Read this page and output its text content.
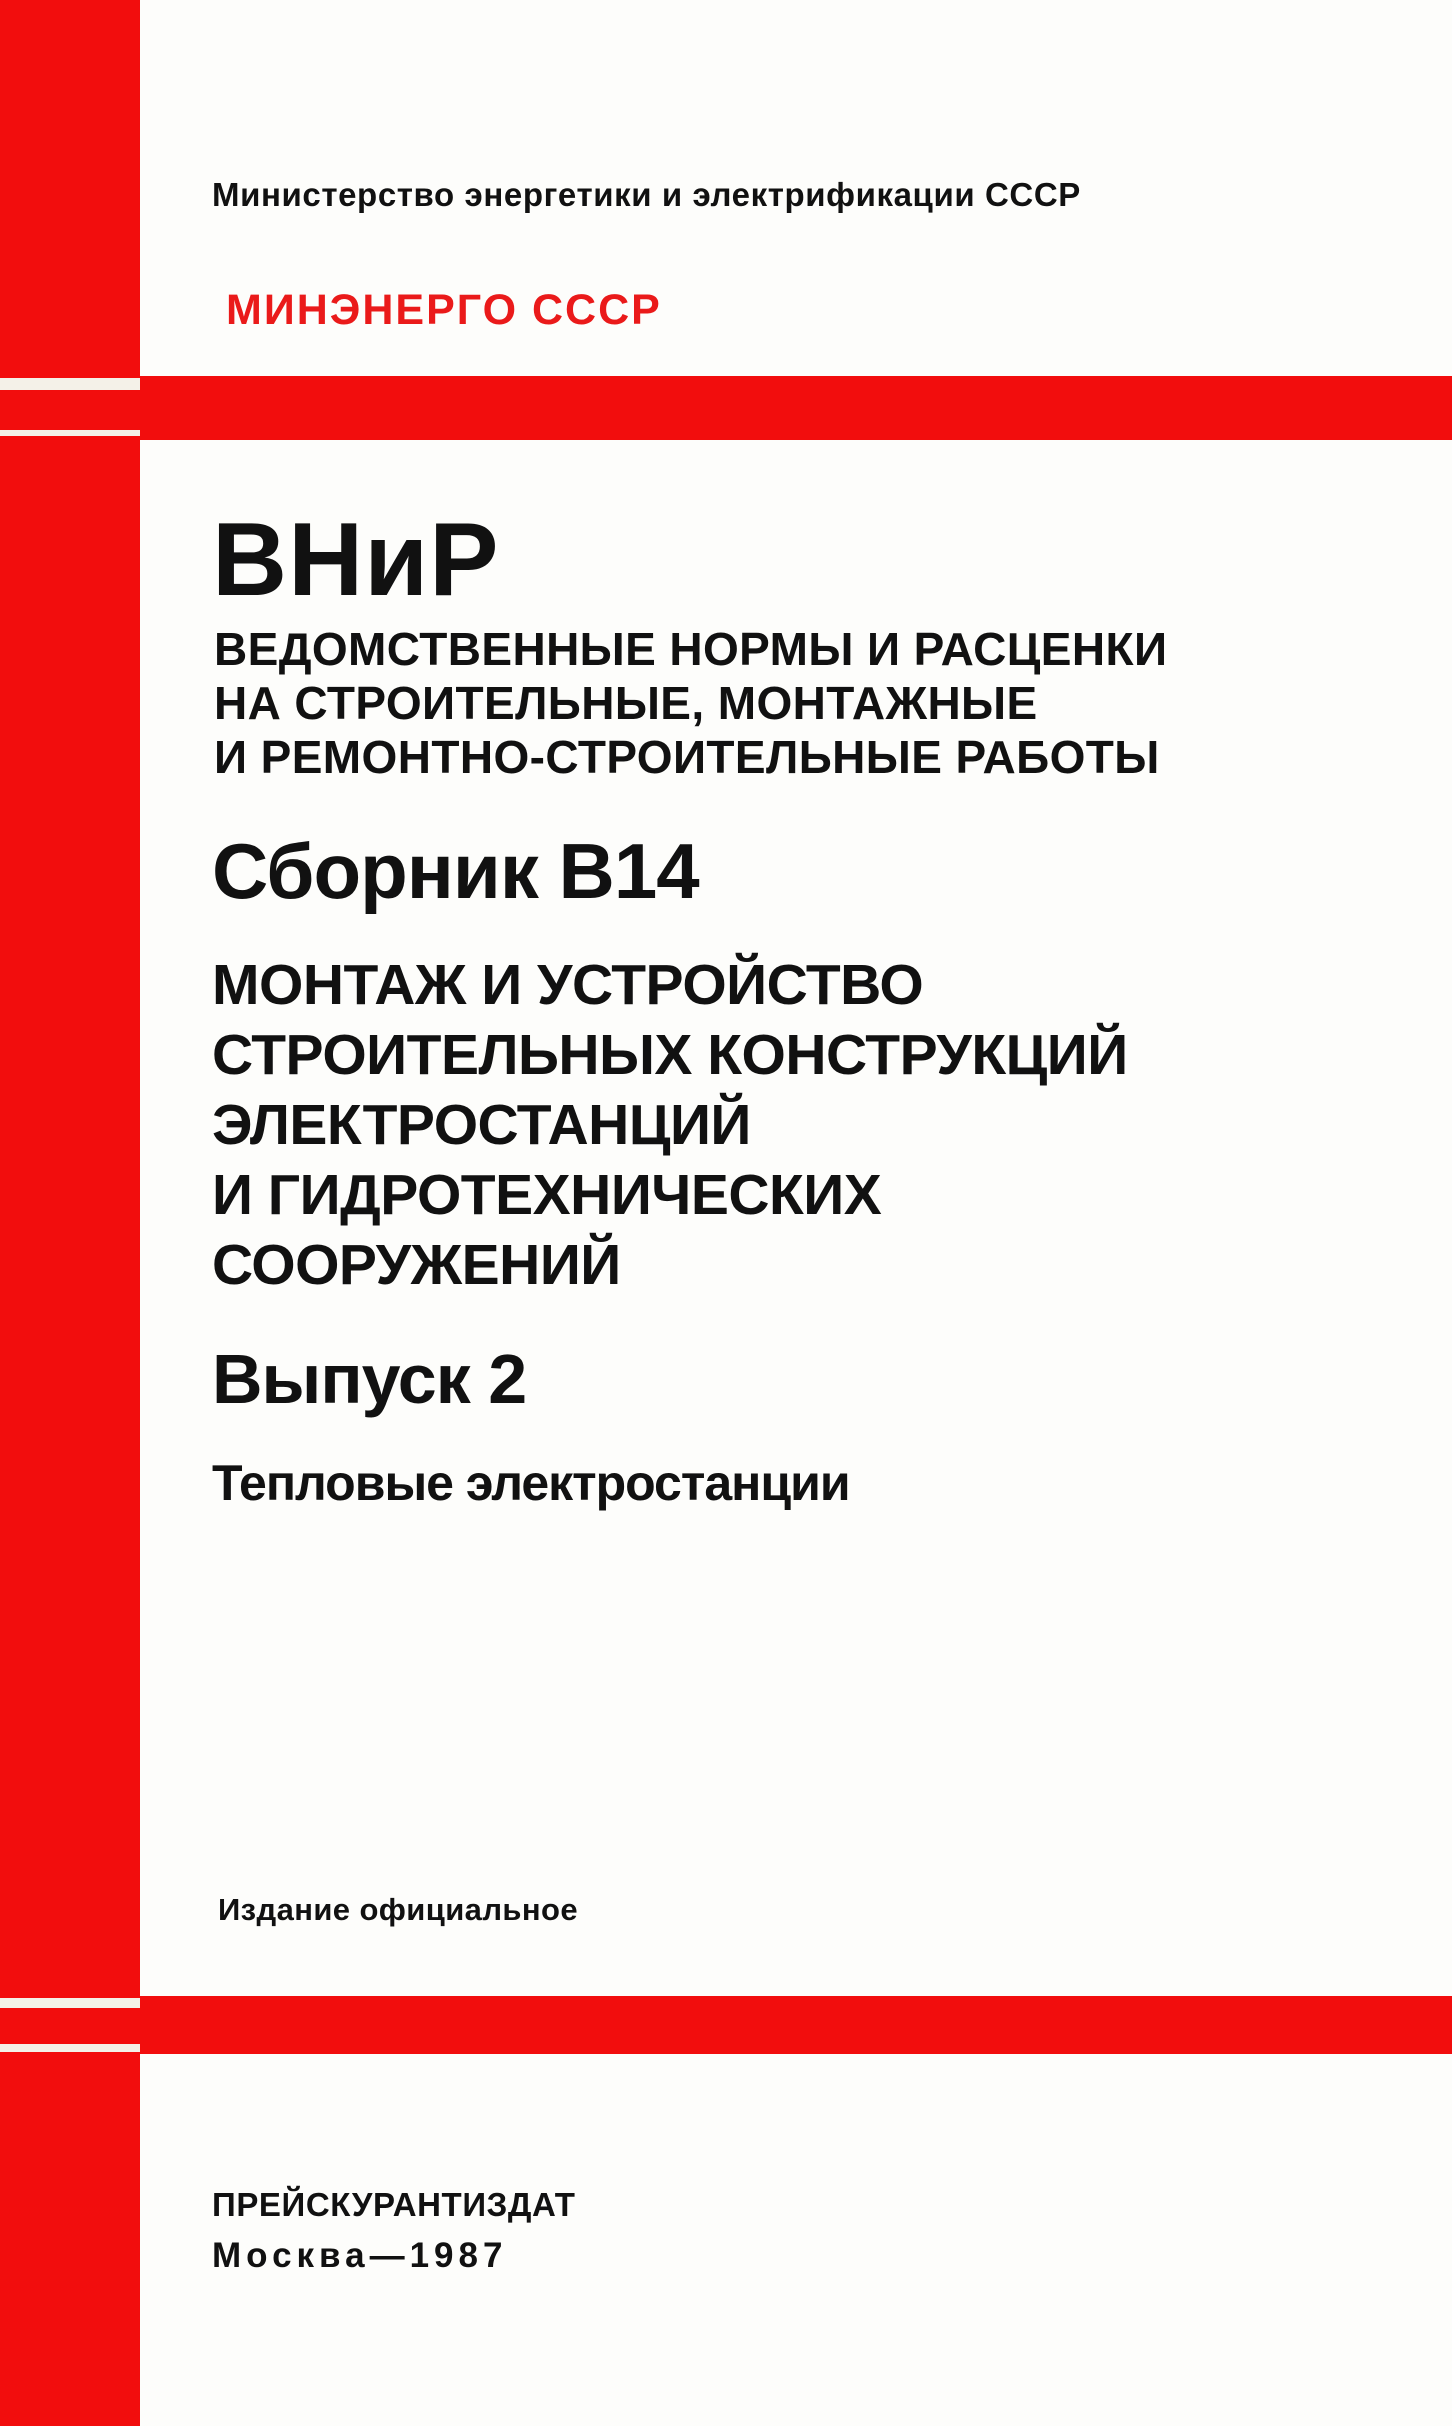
Министерство энергетики и электрификации СССР

МИНЭНЕРГО СССР

ВНиР

ВЕДОМСТВЕННЫЕ НОРМЫ И РАСЦЕНКИ
НА СТРОИТЕЛЬНЫЕ, МОНТАЖНЫЕ
И РЕМОНТНО-СТРОИТЕЛЬНЫЕ РАБОТЫ

Сборник В14

МОНТАЖ И УСТРОЙСТВО
СТРОИТЕЛЬНЫХ КОНСТРУКЦИЙ
ЭЛЕКТРОСТАНЦИЙ
И ГИДРОТЕХНИЧЕСКИХ
СООРУЖЕНИЙ

Выпуск 2

Тепловые электростанции

Издание официальное

ПРЕЙСКУРАНТИЗДАТ

Москва—1987
